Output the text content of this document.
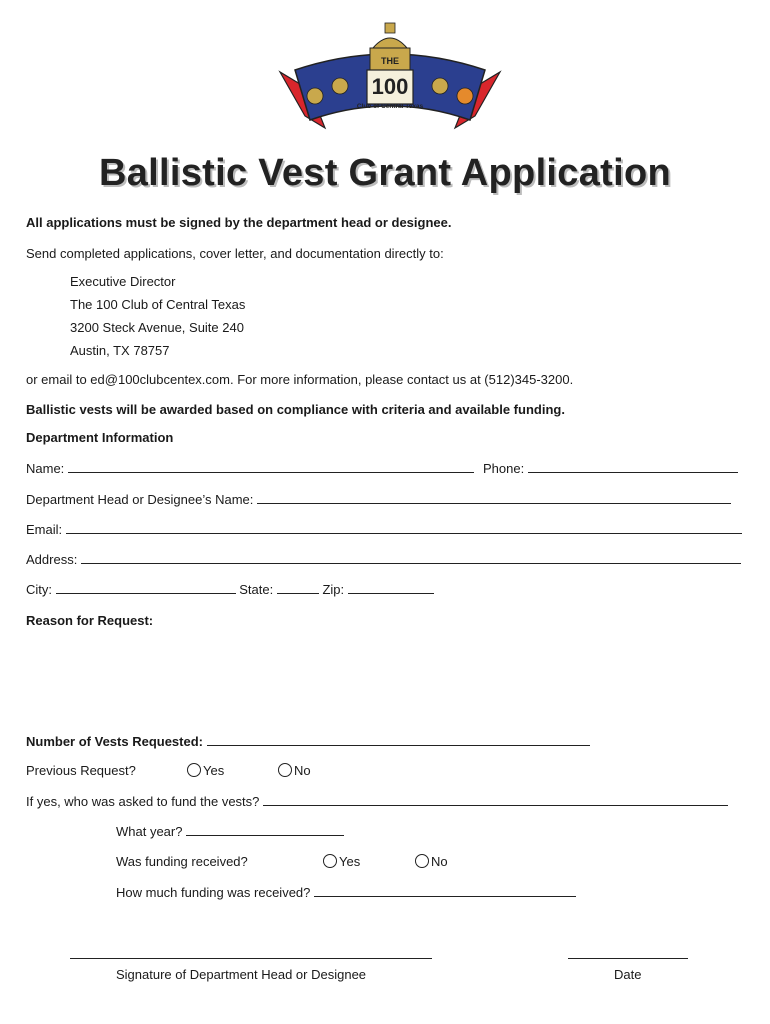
THE
100
Club of Central Texas
Ballistic Vest Grant Application
All applications must be signed by the department head or designee.
Send completed applications, cover letter, and documentation directly to:
Executive Director
The 100 Club of Central Texas
3200 Steck Avenue, Suite 240
Austin, TX 78757
or email to ed@100clubcentex.com. For more information, please contact us at (512)345-3200.
Ballistic vests will be awarded based on compliance with criteria and available funding.
Department Information
Name:	Phone:
Department Head or Designee’s Name:
Email:
Address:
City:	State:	Zip:
Reason for Request:
Number of Vests Requested:
Previous Request?	Yes	No
If yes, who was asked to fund the vests?
What year?
Was funding received?	Yes	No
How much funding was received?
Signature of Department Head or Designee	Date
